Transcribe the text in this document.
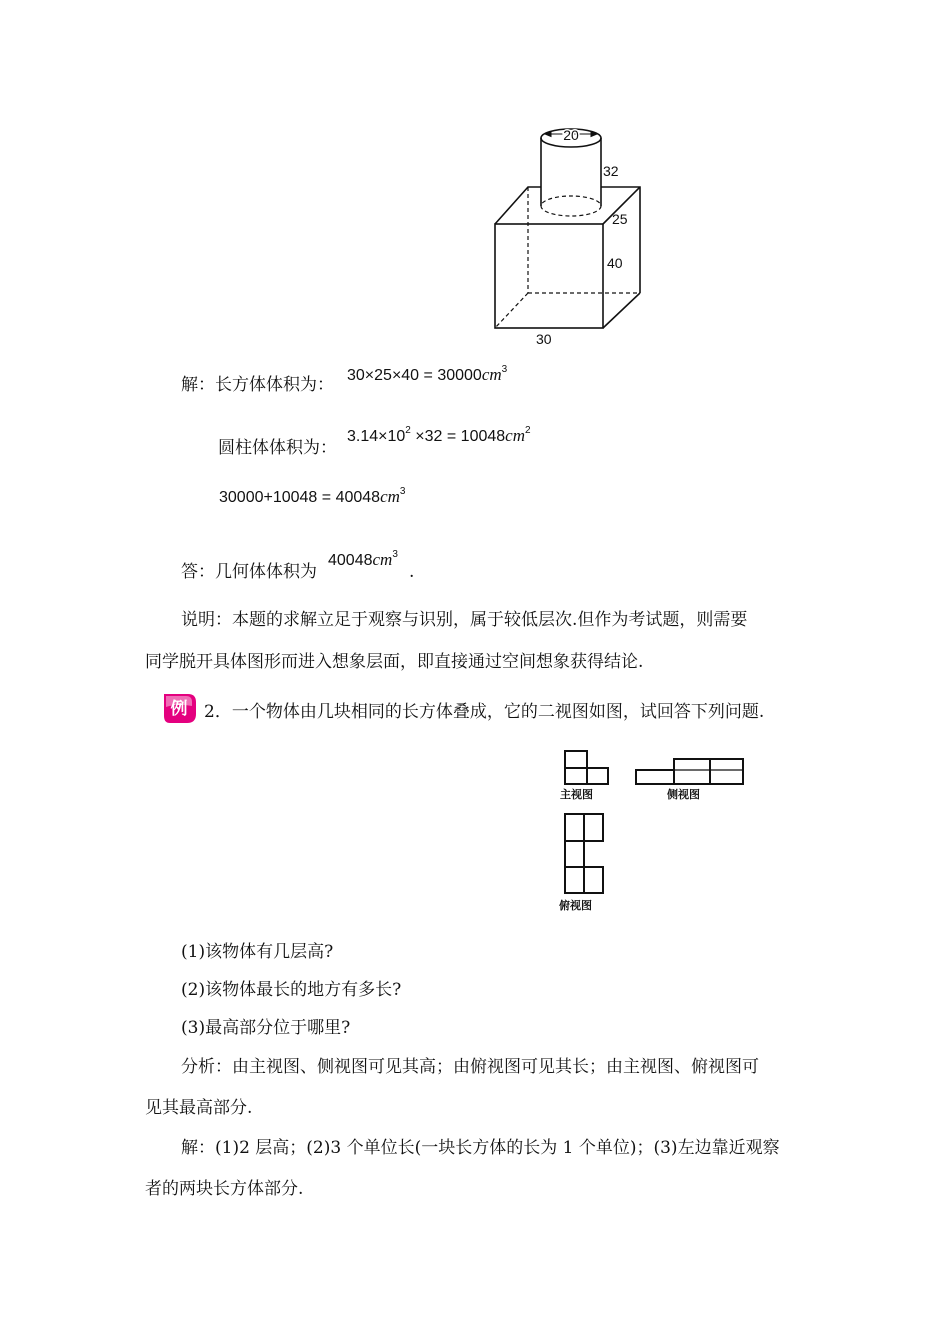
20
32
25
40
30
解：长方体体积为： $30\times 25\times 40 = 30000cm^3$
圆柱体体积为：
$3.14\times 10^2 \times 32 = 10048cm^2$
$30000+10048 = 40048cm^3$
答：几何体体积为
$40048cm^3$
.
说明：本题的求解立足于观察与识别，属于较低层次.但作为考试题，则需要
同学脱开具体图形而进入想象层面，即直接通过空间想象获得结论.
例 2．一个物体由几块相同的长方体叠成，它的二视图如图，试回答下列问题.
主视图	侧视图
俯视图
(1)该物体有几层高?
(2)该物体最长的地方有多长?
(3)最高部分位于哪里?
分析：由主视图、侧视图可见其高；由俯视图可见其长；由主视图、俯视图可
见其最高部分.
解：(1)2 层高；(2)3 个单位长(一块长方体的长为 1 个单位)；(3)左边靠近观察
者的两块长方体部分.
